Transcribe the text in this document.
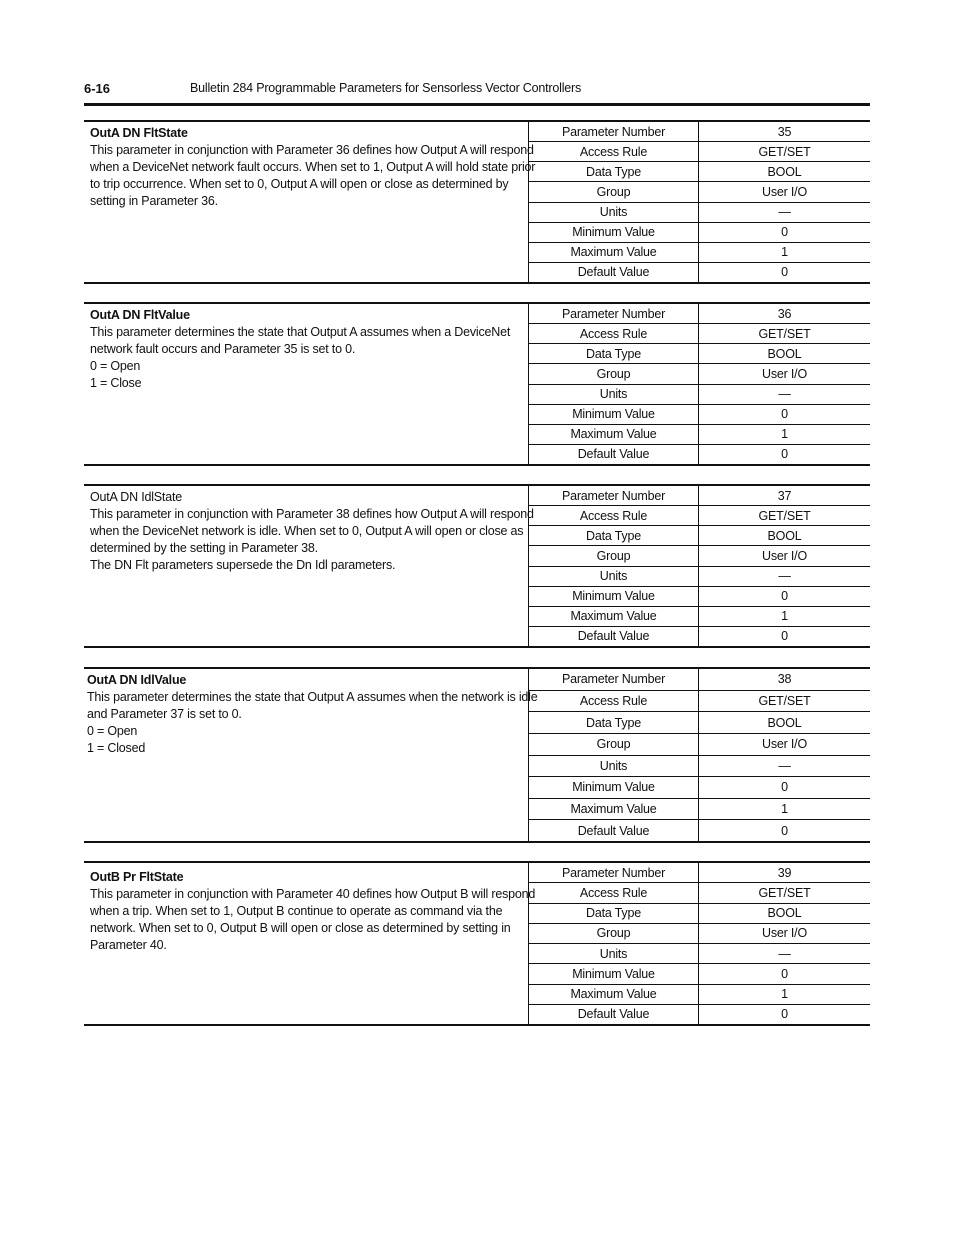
6-16	Bulletin 284 Programmable Parameters for Sensorless Vector Controllers
OutA DN FltState
This parameter in conjunction with Parameter 36 defines how Output A will respond
when a DeviceNet network fault occurs. When set to 1, Output A will hold state prior
to trip occurrence. When set to 0, Output A will open or close as determined by
setting in Parameter 36.
Parameter Number	35
Access Rule	GET/SET
Data Type	BOOL
Group	User I/O
Units	—
Minimum Value	0
Maximum Value	1
Default Value	0
OutA DN FltValue
This parameter determines the state that Output A assumes when a DeviceNet
network fault occurs and Parameter 35 is set to 0.
0 = Open
1 = Close
Parameter Number	36
Access Rule	GET/SET
Data Type	BOOL
Group	User I/O
Units	—
Minimum Value	0
Maximum Value	1
Default Value	0
OutA DN IdlState
This parameter in conjunction with Parameter 38 defines how Output A will respond
when the DeviceNet network is idle. When set to 0, Output A will open or close as
determined by the setting in Parameter 38.
The DN Flt parameters supersede the Dn Idl parameters.
Parameter Number	37
Access Rule	GET/SET
Data Type	BOOL
Group	User I/O
Units	—
Minimum Value	0
Maximum Value	1
Default Value	0
OutA DN IdlValue
This parameter determines the state that Output A assumes when the network is idle
and Parameter 37 is set to 0.
0 = Open
1 = Closed
Parameter Number	38
Access Rule	GET/SET
Data Type	BOOL
Group	User I/O
Units	—
Minimum Value	0
Maximum Value	1
Default Value	0
OutB Pr FltState
This parameter in conjunction with Parameter 40 defines how Output B will respond
when a trip. When set to 1, Output B continue to operate as command via the
network. When set to 0, Output B will open or close as determined by setting in
Parameter 40.
Parameter Number	39
Access Rule	GET/SET
Data Type	BOOL
Group	User I/O
Units	—
Minimum Value	0
Maximum Value	1
Default Value	0
